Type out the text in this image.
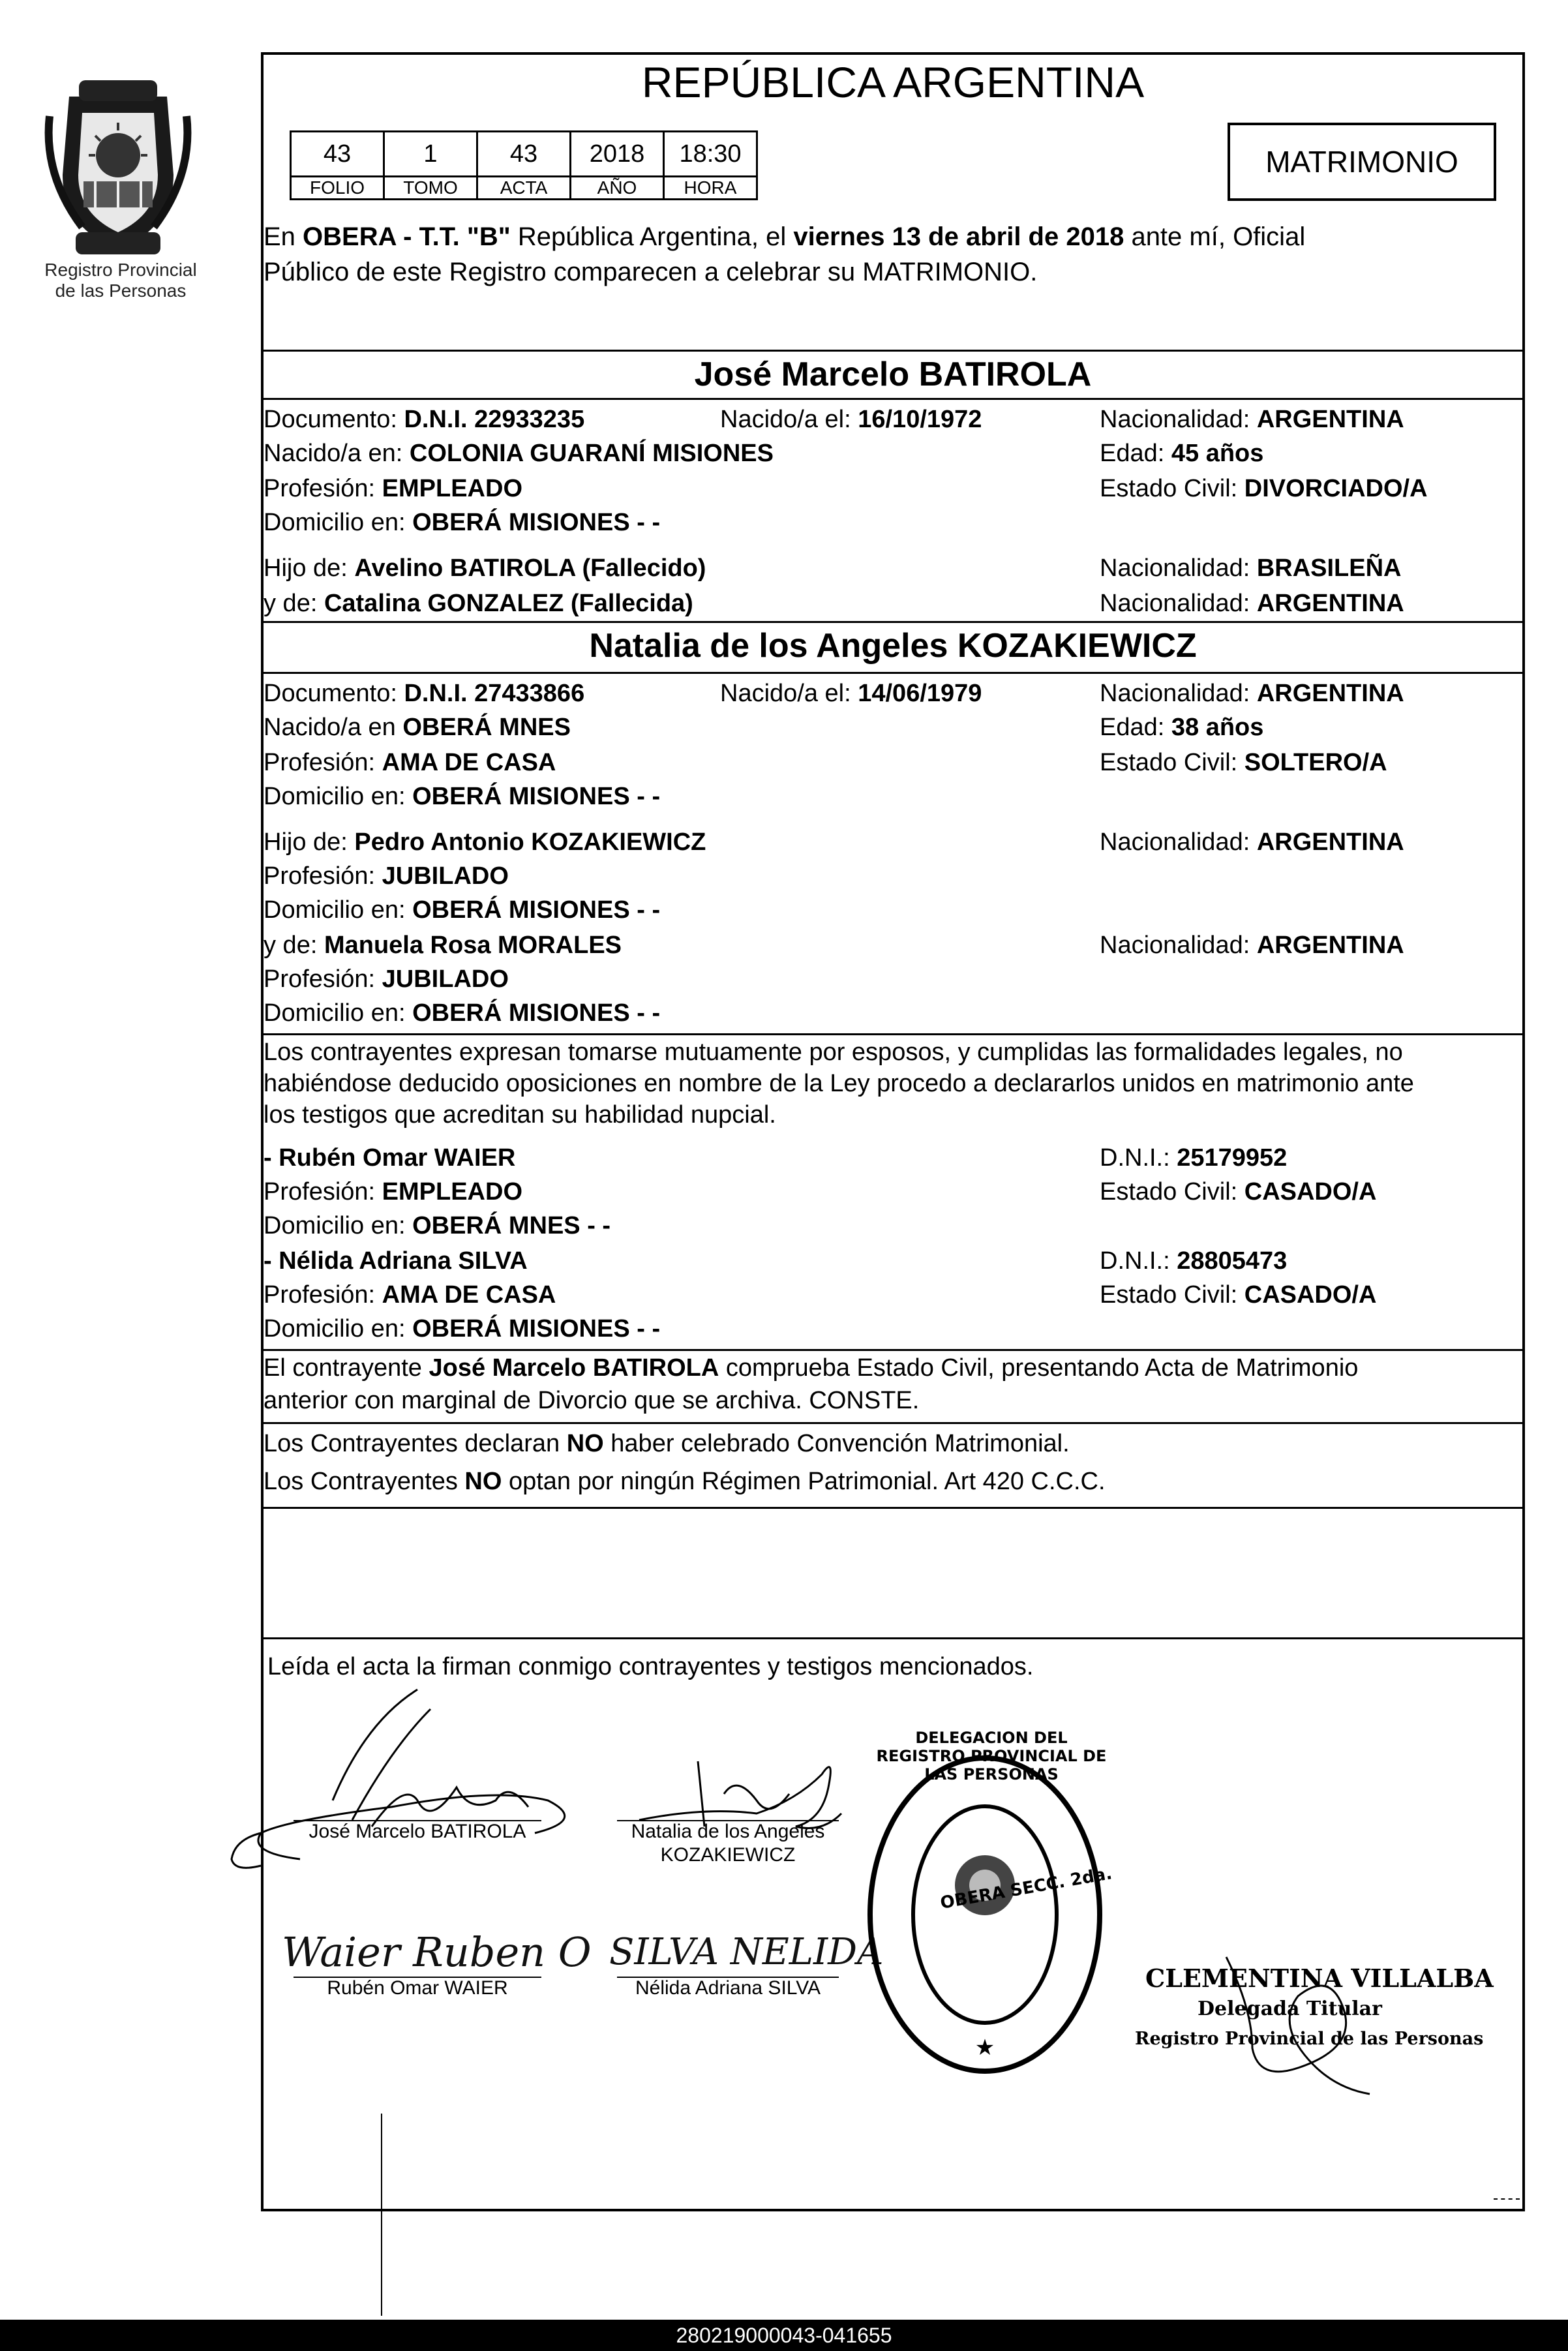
Registro Provincial
de las Personas
REPÚBLICA ARGENTINA
43	1	43	2018	18:30
FOLIO	TOMO	ACTA	AÑO	HORA
MATRIMONIO
En OBERA - T.T. "B" República Argentina, el viernes 13 de abril de 2018 ante mí, Oficial
Público de este Registro comparecen a celebrar su MATRIMONIO.
José Marcelo BATIROLA
Documento: D.N.I. 22933235	Nacido/a el: 16/10/1972	Nacionalidad: ARGENTINA
Nacido/a en: COLONIA GUARANÍ MISIONES	Edad: 45 años
Profesión: EMPLEADO	Estado Civil: DIVORCIADO/A
Domicilio en: OBERÁ MISIONES - -
Hijo de: Avelino BATIROLA (Fallecido)	Nacionalidad: BRASILEÑA
y de: Catalina GONZALEZ (Fallecida)	Nacionalidad: ARGENTINA
Natalia de los Angeles KOZAKIEWICZ
Documento: D.N.I. 27433866	Nacido/a el: 14/06/1979	Nacionalidad: ARGENTINA
Nacido/a en OBERÁ MNES	Edad: 38 años
Profesión: AMA DE CASA	Estado Civil: SOLTERO/A
Domicilio en: OBERÁ MISIONES - -
Hijo de: Pedro Antonio KOZAKIEWICZ	Nacionalidad: ARGENTINA
Profesión: JUBILADO
Domicilio en: OBERÁ MISIONES - -
y de: Manuela Rosa MORALES	Nacionalidad: ARGENTINA
Profesión: JUBILADO
Domicilio en: OBERÁ MISIONES - -
Los contrayentes expresan tomarse mutuamente por esposos, y cumplidas las formalidades legales, no
habiéndose deducido oposiciones en nombre de la Ley procedo a declararlos unidos en matrimonio ante
los testigos que acreditan su habilidad nupcial.
- Rubén Omar WAIER	D.N.I.: 25179952
Profesión: EMPLEADO	Estado Civil: CASADO/A
Domicilio en: OBERÁ MNES - -
- Nélida Adriana SILVA	D.N.I.: 28805473
Profesión: AMA DE CASA	Estado Civil: CASADO/A
Domicilio en: OBERÁ MISIONES - -
El contrayente José Marcelo BATIROLA comprueba Estado Civil, presentando Acta de Matrimonio
anterior con marginal de Divorcio que se archiva. CONSTE.
Los Contrayentes declaran NO haber celebrado Convención Matrimonial.
Los Contrayentes NO optan por ningún Régimen Patrimonial. Art 420 C.C.C.
Leída el acta la firman conmigo contrayentes y testigos mencionados.
José Marcelo BATIROLA	Natalia de los Angeles
KOZAKIEWICZ
Waier Ruben O SILVA NELIDA
Rubén Omar WAIER	Nélida Adriana SILVA
★
OBERA SECC. 2da.
DELEGACION DEL REGISTRO PROVINCIAL DE LAS PERSONAS
CLEMENTINA VILLALBA
Delegada Titular
Registro Provincial de las Personas
280219000043-041655
